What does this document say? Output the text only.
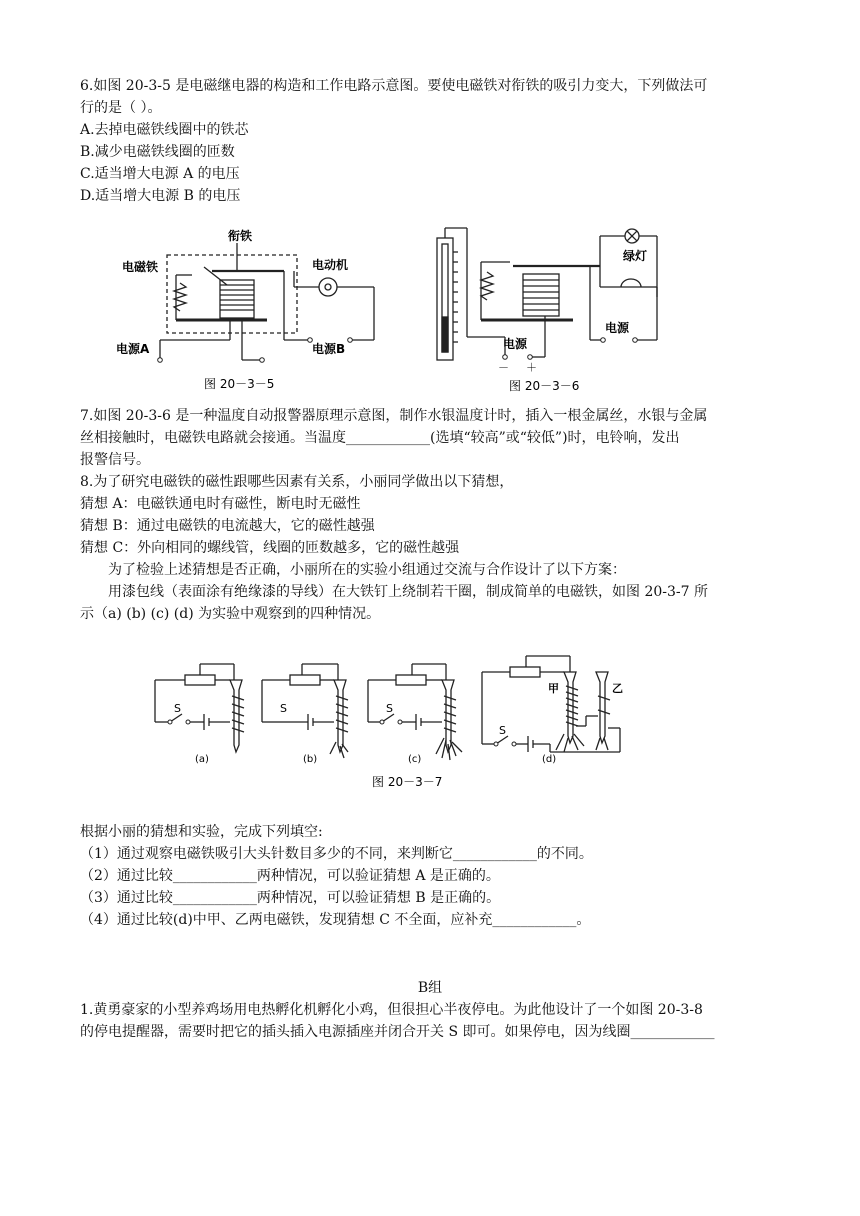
6.如图 20-3-5 是电磁继电器的构造和工作电路示意图。要使电磁铁对衔铁的吸引力变大，下列做法可
行的是（ ）。
A.去掉电磁铁线圈中的铁芯
B.减少电磁铁线圈的匝数
C.适当增大电源 A 的电压
D.适当增大电源 B 的电压
衔铁
电磁铁	电动机
电源A	电源B
图 20－3－5
绿灯
电源
电源
－ ＋
图 20－3－6
7.如图 20-3-6 是一种温度自动报警器原理示意图，制作水银温度计时，插入一根金属丝，水银与金属
丝相接触时，电磁铁电路就会接通。当温度____________(选填“较高”或“较低”)时，电铃响，发出
报警信号。
8.为了研究电磁铁的磁性跟哪些因素有关系，小丽同学做出以下猜想，
猜想 A：电磁铁通电时有磁性，断电时无磁性
猜想 B：通过电磁铁的电流越大，它的磁性越强
猜想 C：外向相同的螺线管，线圈的匝数越多，它的磁性越强
为了检验上述猜想是否正确，小丽所在的实验小组通过交流与合作设计了以下方案：
用漆包线（表面涂有绝缘漆的导线）在大铁钉上绕制若干圈，制成简单的电磁铁，如图 20-3-7 所
示（a) (b) (c) (d) 为实验中观察到的四种情况。
S	S	S
S
甲	乙
(a)	(b)	(c)	(d)
图 20－3－7
根据小丽的猜想和实验，完成下列填空:
（1）通过观察电磁铁吸引大头针数目多少的不同，来判断它____________的不同。
（2）通过比较____________两种情况，可以验证猜想 A 是正确的。
（3）通过比较____________两种情况，可以验证猜想 B 是正确的。
（4）通过比较(d)中甲、乙两电磁铁，发现猜想 C 不全面，应补充____________。
B组
1.黄勇豪家的小型养鸡场用电热孵化机孵化小鸡，但很担心半夜停电。为此他设计了一个如图 20-3-8
的停电提醒器，需要时把它的插头插入电源插座并闭合开关 S 即可。如果停电，因为线圈____________
